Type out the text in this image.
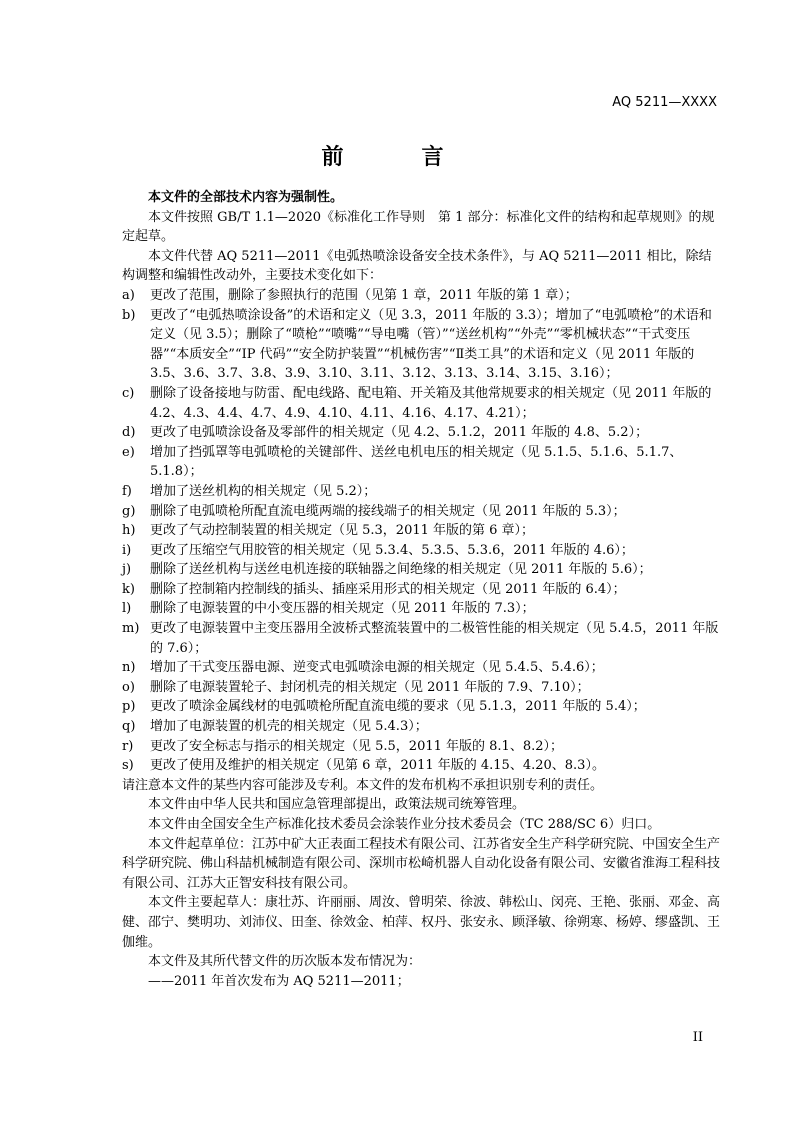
AQ 5211—XXXX
前　言

本文件的全部技术内容为强制性。

本文件按照 GB/T 1.1—2020《标准化工作导则　第 1 部分：标准化文件的结构和起草规则》的规定起草。

本文件代替 AQ 5211—2011《电弧热喷涂设备安全技术条件》，与 AQ 5211—2011 相比，除结构调整和编辑性改动外，主要技术变化如下：

a)	更改了范围，删除了参照执行的范围（见第 1 章，2011 年版的第 1 章）；
b)	更改了“电弧热喷涂设备”的术语和定义（见 3.3，2011 年版的 3.3）；增加了“电弧喷枪”的术语和定义（见 3.5）；删除了“喷枪”“喷嘴”“导电嘴（管）”“送丝机构”“外壳”“零机械状态”“干式变压器”“本质安全”“IP 代码”“安全防护装置”“机械伤害”“Ⅱ类工具”的术语和定义（见 2011 年版的 3.5、3.6、3.7、3.8、3.9、3.10、3.11、3.12、3.13、3.14、3.15、3.16）；
c)	删除了设备接地与防雷、配电线路、配电箱、开关箱及其他常规要求的相关规定（见 2011 年版的 4.2、4.3、4.4、4.7、4.9、4.10、4.11、4.16、4.17、4.21）；
d)	更改了电弧喷涂设备及零部件的相关规定（见 4.2、5.1.2，2011 年版的 4.8、5.2）；
e)	增加了挡弧罩等电弧喷枪的关键部件、送丝电机电压的相关规定（见 5.1.5、5.1.6、5.1.7、5.1.8）；
f)	增加了送丝机构的相关规定（见 5.2）；
g)	删除了电弧喷枪所配直流电缆两端的接线端子的相关规定（见 2011 年版的 5.3）；
h)	更改了气动控制装置的相关规定（见 5.3，2011 年版的第 6 章）；
i)	更改了压缩空气用胶管的相关规定（见 5.3.4、5.3.5、5.3.6，2011 年版的 4.6）；
j)	删除了送丝机构与送丝电机连接的联轴器之间绝缘的相关规定（见 2011 年版的 5.6）；
k)	删除了控制箱内控制线的插头、插座采用形式的相关规定（见 2011 年版的 6.4）；
l)	删除了电源装置的中小变压器的相关规定（见 2011 年版的 7.3）；
m) 更改了电源装置中主变压器用全波桥式整流装置中的二极管性能的相关规定（见 5.4.5，2011 年版的 7.6）；
n)	增加了干式变压器电源、逆变式电弧喷涂电源的相关规定（见 5.4.5、5.4.6）；
o)	删除了电源装置轮子、封闭机壳的相关规定（见 2011 年版的 7.9、7.10）；
p)	更改了喷涂金属线材的电弧喷枪所配直流电缆的要求（见 5.1.3，2011 年版的 5.4）；
q)	增加了电源装置的机壳的相关规定（见 5.4.3）；
r)	更改了安全标志与指示的相关规定（见 5.5，2011 年版的 8.1、8.2）；
s)	更改了使用及维护的相关规定（见第 6 章，2011 年版的 4.15、4.20、8.3）。

请注意本文件的某些内容可能涉及专利。本文件的发布机构不承担识别专利的责任。

本文件由中华人民共和国应急管理部提出，政策法规司统筹管理。

本文件由全国安全生产标准化技术委员会涂装作业分技术委员会（TC 288/SC 6）归口。

本文件起草单位：江苏中矿大正表面工程技术有限公司、江苏省安全生产科学研究院、中国安全生产科学研究院、佛山科喆机械制造有限公司、深圳市松崎机器人自动化设备有限公司、安徽省淮海工程科技有限公司、江苏大正智安科技有限公司。

本文件主要起草人：康壮苏、许丽丽、周汝、曾明荣、徐波、韩松山、闵亮、王艳、张丽、邓金、高健、邵宁、樊明功、刘沛仪、田奎、徐效金、柏萍、权丹、张安永、顾泽敏、徐朔寒、杨婷、缪盛凯、王伽维。

本文件及其所代替文件的历次版本发布情况为：

——2011 年首次发布为 AQ 5211—2011；

II
